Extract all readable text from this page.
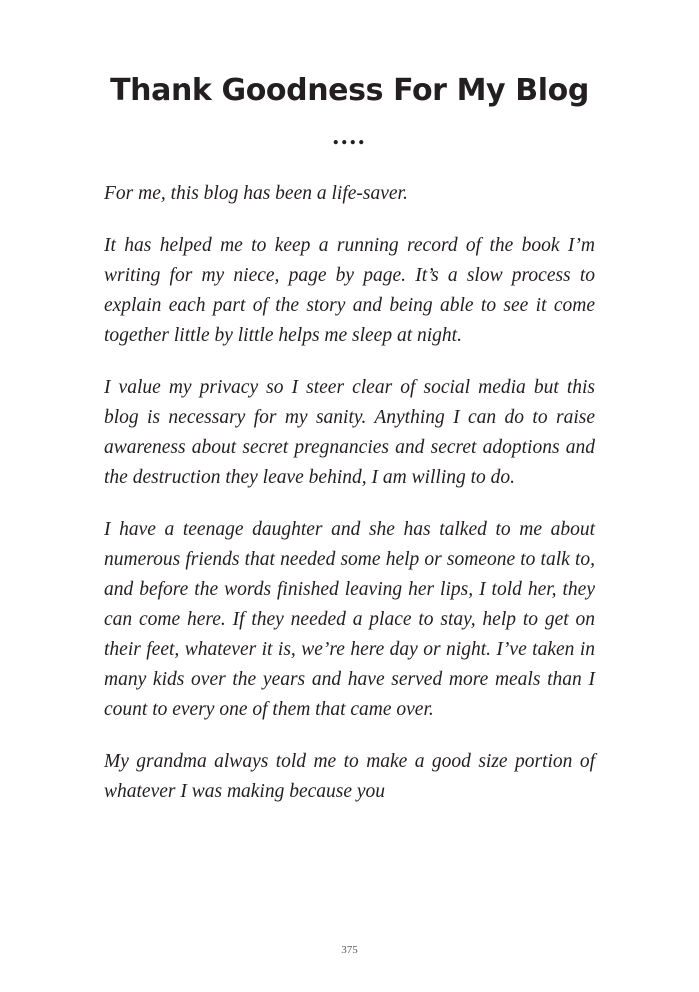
Thank Goodness For My Blog
....

For me, this blog has been a life-saver.

It has helped me to keep a running record of the book I’m writing for my niece, page by page. It’s a slow process to explain each part of the story and being able to see it come together little by little helps me sleep at night.

I value my privacy so I steer clear of social media but this blog is necessary for my sanity. Anything I can do to raise awareness about secret pregnancies and secret adoptions and the destruction they leave behind, I am willing to do.

I have a teenage daughter and she has talked to me about numerous friends that needed some help or someone to talk to, and before the words finished leaving her lips, I told her, they can come here. If they needed a place to stay, help to get on their feet, whatever it is, we’re here day or night. I’ve taken in many kids over the years and have served more meals than I count to every one of them that came over.

My grandma always told me to make a good size portion of whatever I was making because you

375
